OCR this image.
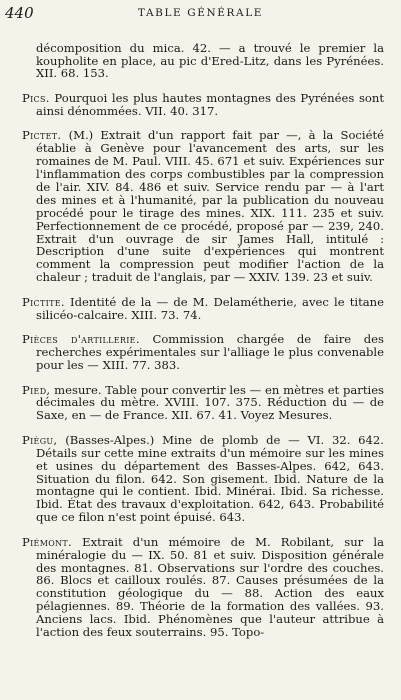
440	TABLE GÉNÉRALE

décomposition du mica. 42. — a trouvé le premier la koupholite en place, au pic d'Ered-Litz, dans les Pyrénées. XII. 68. 153.

Pics. Pourquoi les plus hautes montagnes des Pyrénées sont ainsi dénommées. VII. 40. 317.

Pictet. (M.) Extrait d'un rapport fait par —, à la Société établie à Genève pour l'avancement des arts, sur les romaines de M. Paul. VIII. 45. 671 et suiv. Expériences sur l'inflammation des corps combustibles par la compression de l'air. XIV. 84. 486 et suiv. Service rendu par — à l'art des mines et à l'humanité, par la publication du nouveau procédé pour le tirage des mines. XIX. 111. 235 et suiv. Perfectionnement de ce procédé, proposé par — 239, 240. Extrait d'un ouvrage de sir James Hall, intitulé : Description d'une suite d'expériences qui montrent comment la compression peut modifier l'action de la chaleur ; traduit de l'anglais, par — XXIV. 139. 23 et suiv.

Pictite. Identité de la — de M. Delamétherie, avec le titane silicéo-calcaire. XIII. 73. 74.

Pièces d'artillerie. Commission chargée de faire des recherches expérimentales sur l'alliage le plus convenable pour les — XIII. 77. 383.

Pied, mesure. Table pour convertir les — en mètres et parties décimales du mètre. XVIII. 107. 375. Réduction du — de Saxe, en — de France. XII. 67. 41. Voyez Mesures.

Piégu, (Basses-Alpes.) Mine de plomb de — VI. 32. 642. Détails sur cette mine extraits d'un mémoire sur les mines et usines du département des Basses-Alpes. 642, 643. Situation du filon. 642. Son gisement. Ibid. Nature de la montagne qui le contient. Ibid. Minérai. Ibid. Sa richesse. Ibid. État des travaux d'exploitation. 642, 643. Probabilité que ce filon n'est point épuisé. 643.

Piémont. Extrait d'un mémoire de M. Robilant, sur la minéralogie du — IX. 50. 81 et suiv. Disposition générale des montagnes. 81. Observations sur l'ordre des couches. 86. Blocs et cailloux roulés. 87. Causes présumées de la constitution géologique du — 88. Action des eaux pélagiennes. 89. Théorie de la formation des vallées. 93. Anciens lacs. Ibid. Phénomènes que l'auteur attribue à l'action des feux souterrains. 95. Topo-
